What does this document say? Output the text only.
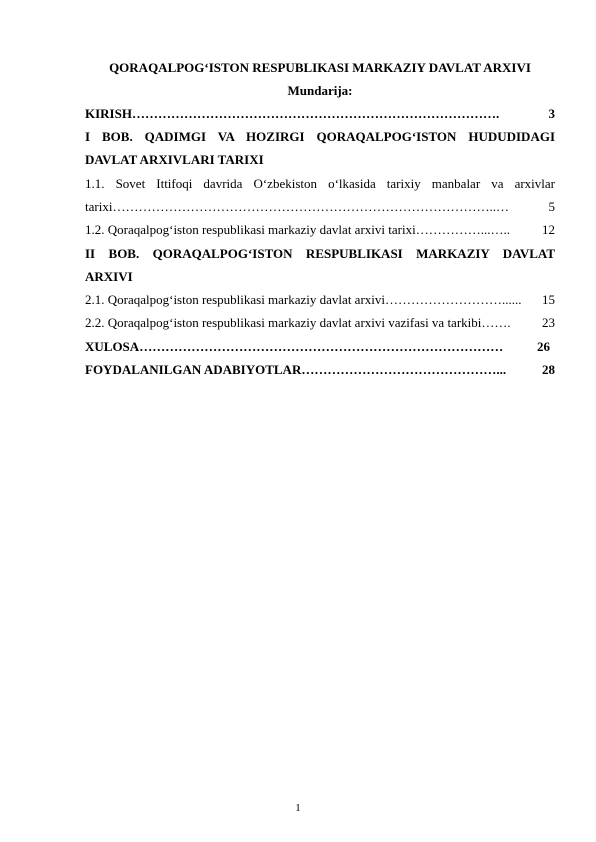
QORAQALPOG‘ISTON RESPUBLIKASI MARKAZIY DAVLAT ARXIVI
Mundarija:
KIRISH ………………………………………………………………………….	3
I BOB. QADIMGI VA HOZIRGI QORAQALPOG‘ISTON HUDUDIDAGI
DAVLAT ARXIVLARI TARIXI
1.1. Sovet Ittifoqi davrida O‘zbekiston o‘lkasida tarixiy manbalar va arxivlar
tarixi ……………………………………………………………………………..…	5
1.2. Qoraqalpog‘iston respublikasi markaziy davlat arxivi tarixi ……………...…..	12
II BOB. QORAQALPOG‘ISTON RESPUBLIKASI MARKAZIY DAVLAT
ARXIVI
2.1. Qoraqalpog‘iston respublikasi markaziy davlat arxivi ………………………......	15
2.2. Qoraqalpog‘iston respublikasi markaziy davlat arxivi vazifasi va tarkibi …….	23
XULOSA …………………………………………………………………………	26
FOYDALANILGAN ADABIYOTLAR ………………………………………...	28
1
